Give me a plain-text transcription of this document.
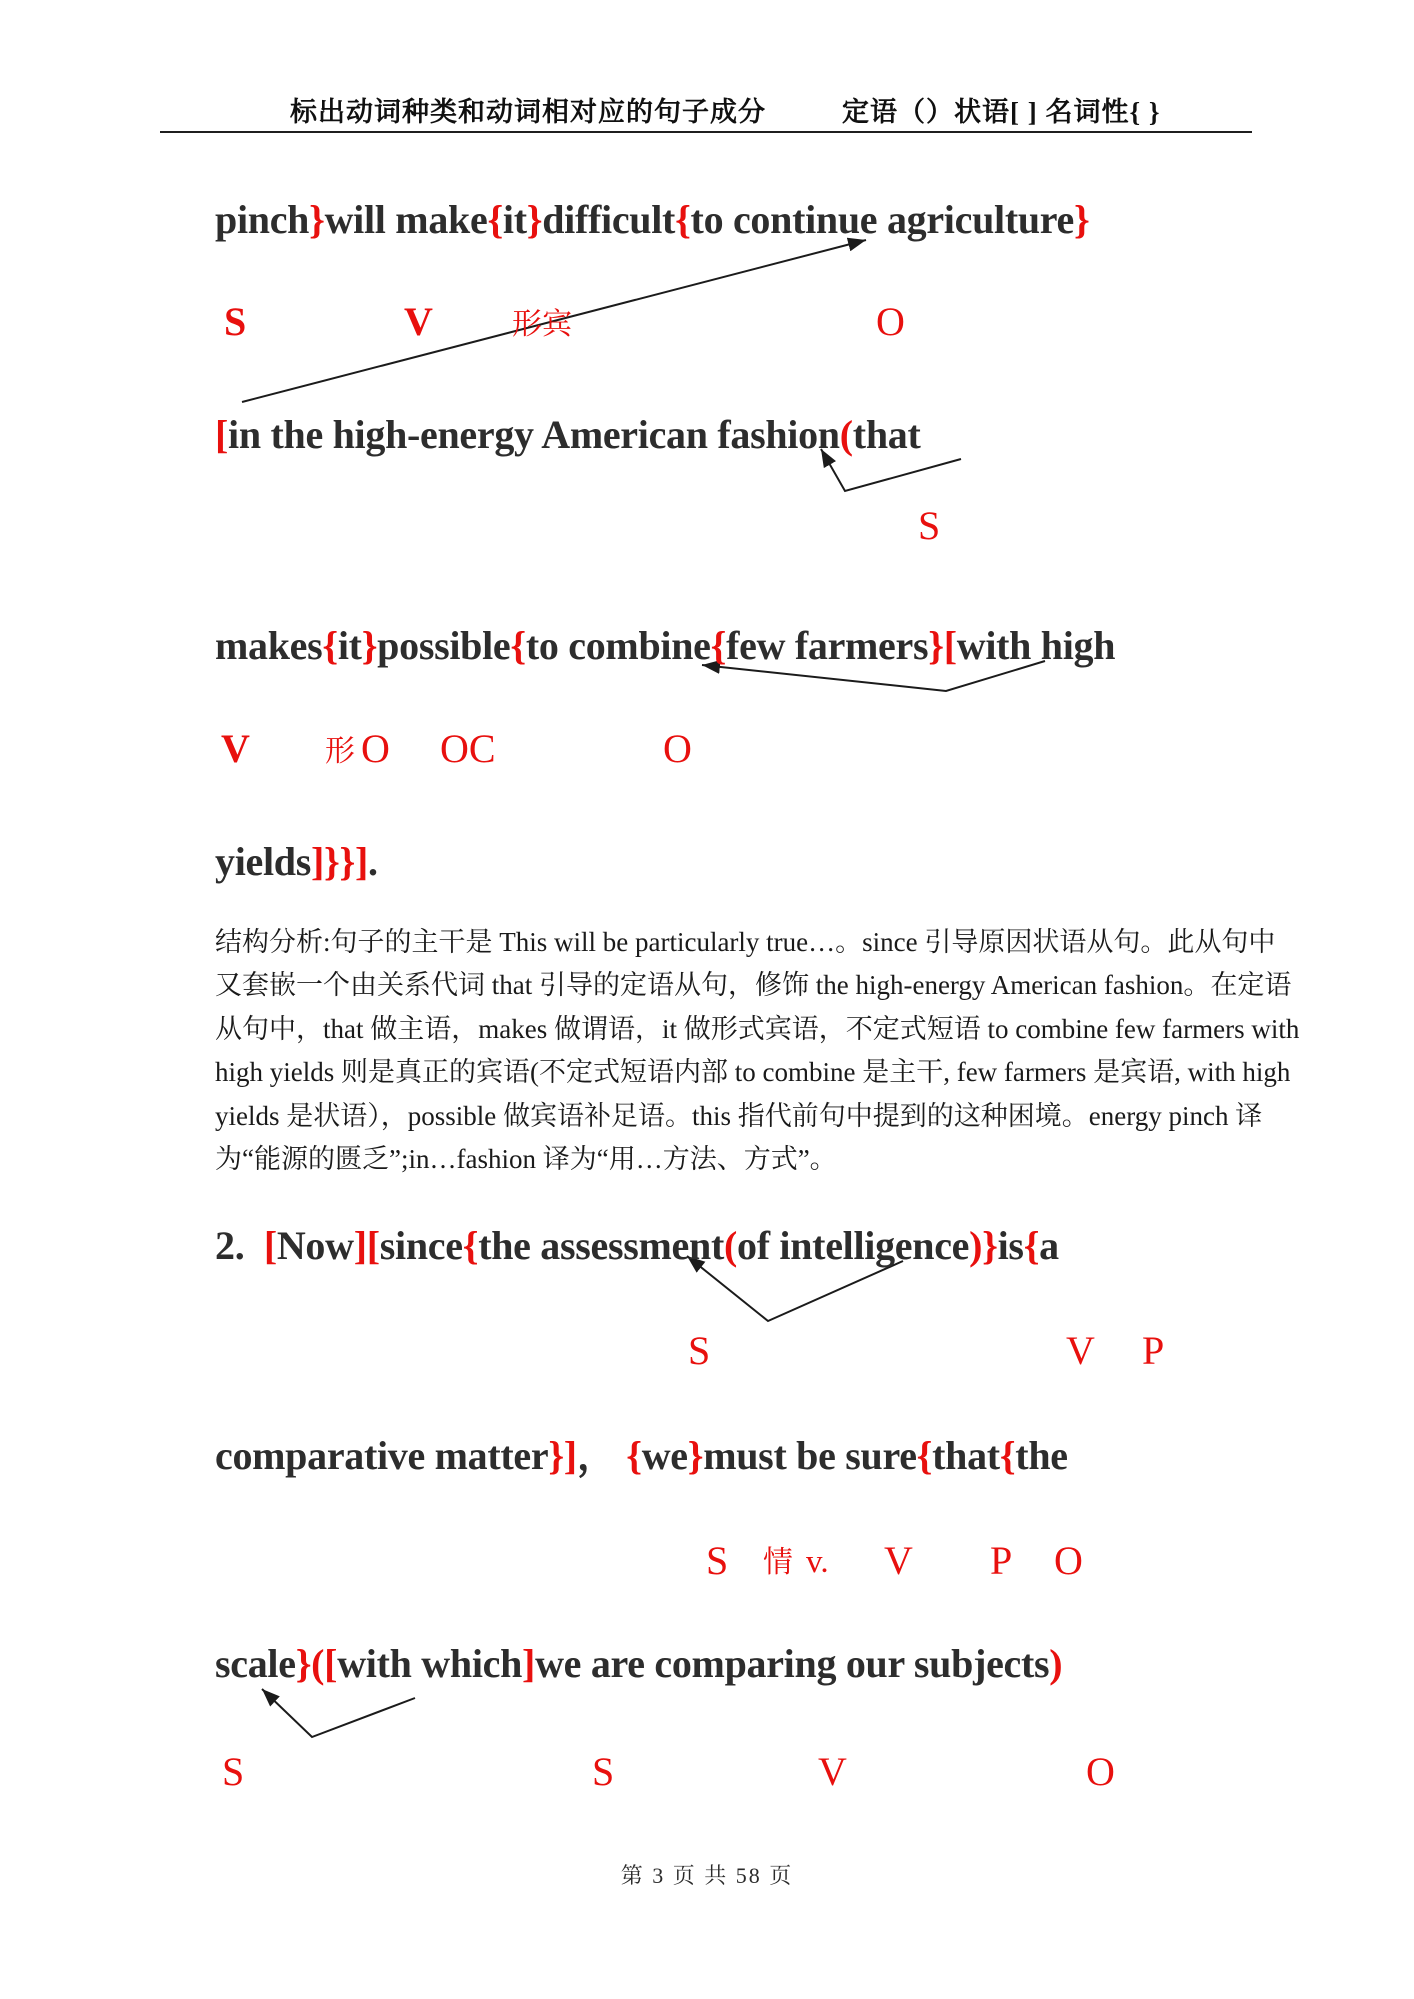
标出动词种类和动词相对应的句子成分	定语（）状语[ ] 名词性{ }
pinch}will make{it}difficult{to continue agriculture}
S	V	形宾	O
[in the high-energy American fashion(that
S
makes{it}possible{to combine{few farmers}[with high
V	形 O OC	O
yields]}}].
结构分析:句子的主干是 This will be particularly true…。since 引导原因状语从句。此从句中
又套嵌一个由关系代词 that 引导的定语从句，修饰 the high-energy American fashion。在定语
从句中，that 做主语，makes 做谓语，it 做形式宾语，不定式短语 to combine few farmers with
high yields 则是真正的宾语(不定式短语内部 to combine 是主干, few farmers 是宾语, with high
yields 是状语），possible 做宾语补足语。this 指代前句中提到的这种困境。energy pinch 译
为“能源的匮乏”;in…fashion 译为“用…方法、方式”。
2.  [Now][since{the assessment(of intelligence)}is{a
S	V P
comparative matter}]， {we}must be sure{that{the
S 情 v. V P O
scale}([with which]we are comparing our subjects)
S	S	V	O
第 3 页 共 58 页
